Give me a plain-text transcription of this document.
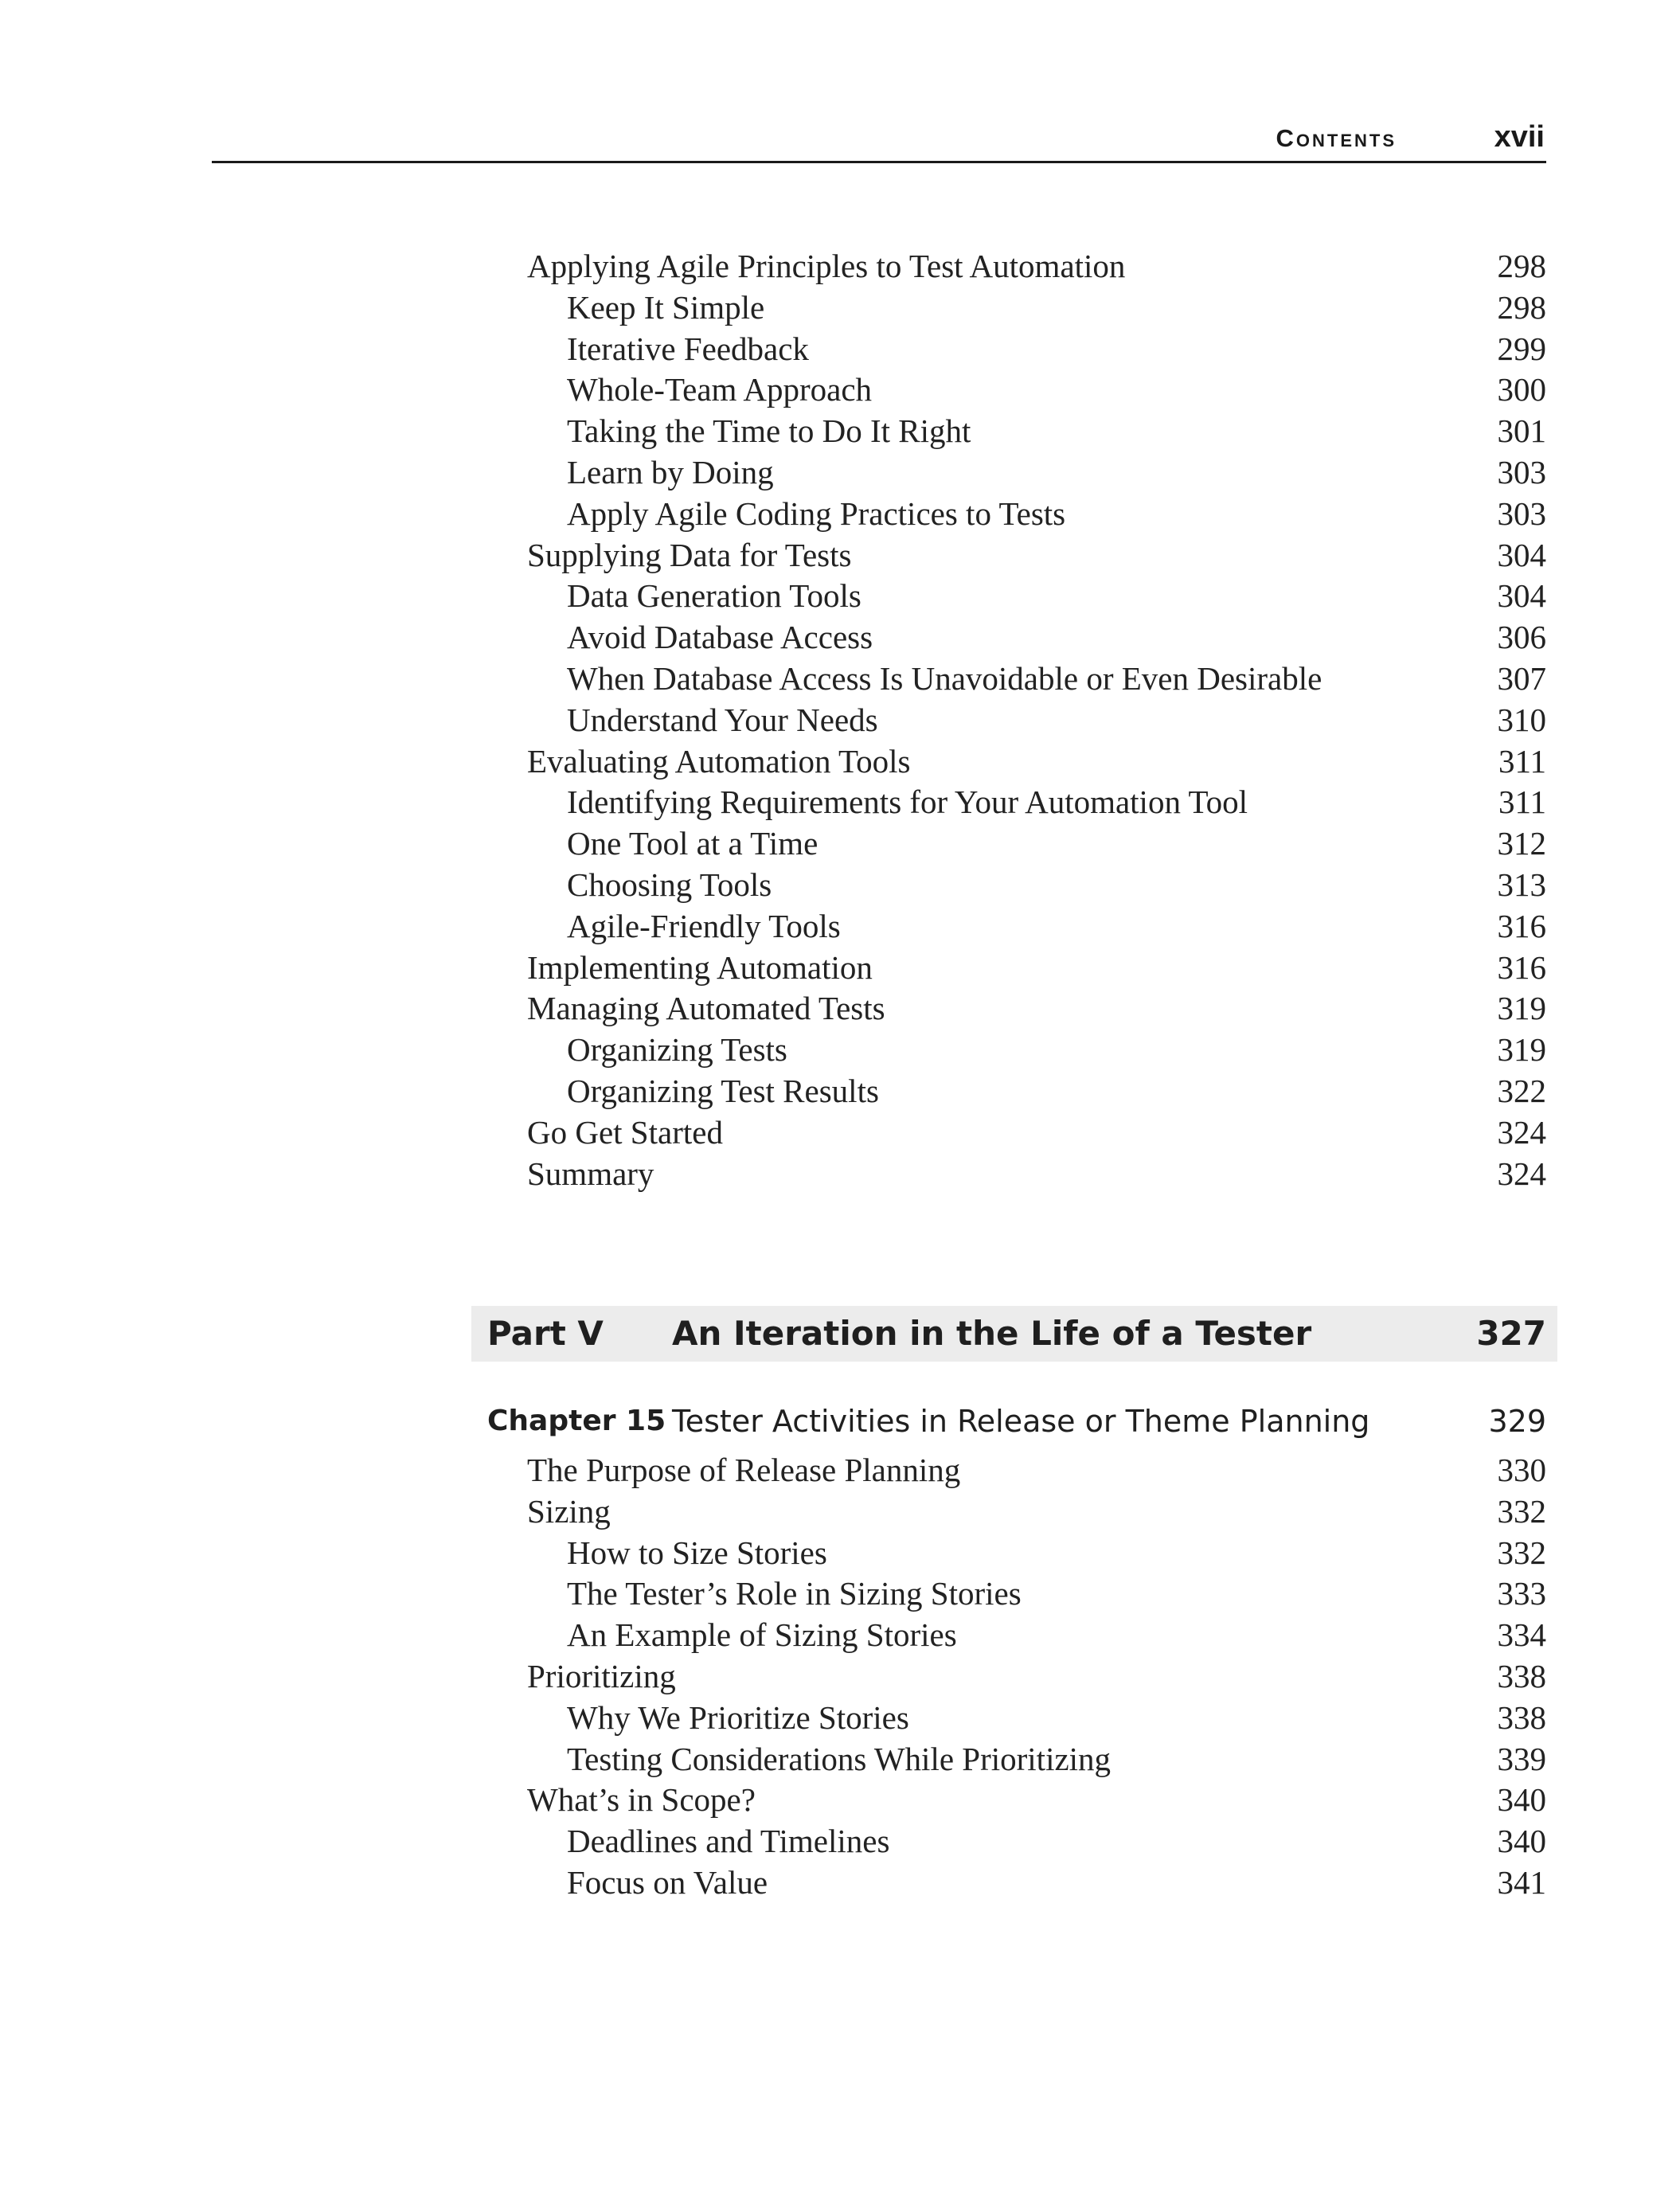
Contents	xvii
Applying Agile Principles to Test Automation	298
Keep It Simple	298
Iterative Feedback	299
Whole-Team Approach	300
Taking the Time to Do It Right	301
Learn by Doing	303
Apply Agile Coding Practices to Tests	303
Supplying Data for Tests	304
Data Generation Tools	304
Avoid Database Access	306
When Database Access Is Unavoidable or Even Desirable	307
Understand Your Needs	310
Evaluating Automation Tools	311
Identifying Requirements for Your Automation Tool	311
One Tool at a Time	312
Choosing Tools	313
Agile-Friendly Tools	316
Implementing Automation	316
Managing Automated Tests	319
Organizing Tests	319
Organizing Test Results	322
Go Get Started	324
Summary	324
Part V An Iteration in the Life of a Tester	327
Chapter 15 Tester Activities in Release or Theme Planning	329
The Purpose of Release Planning	330
Sizing	332
How to Size Stories	332
The Tester’s Role in Sizing Stories	333
An Example of Sizing Stories	334
Prioritizing	338
Why We Prioritize Stories	338
Testing Considerations While Prioritizing	339
What’s in Scope?	340
Deadlines and Timelines	340
Focus on Value	341
